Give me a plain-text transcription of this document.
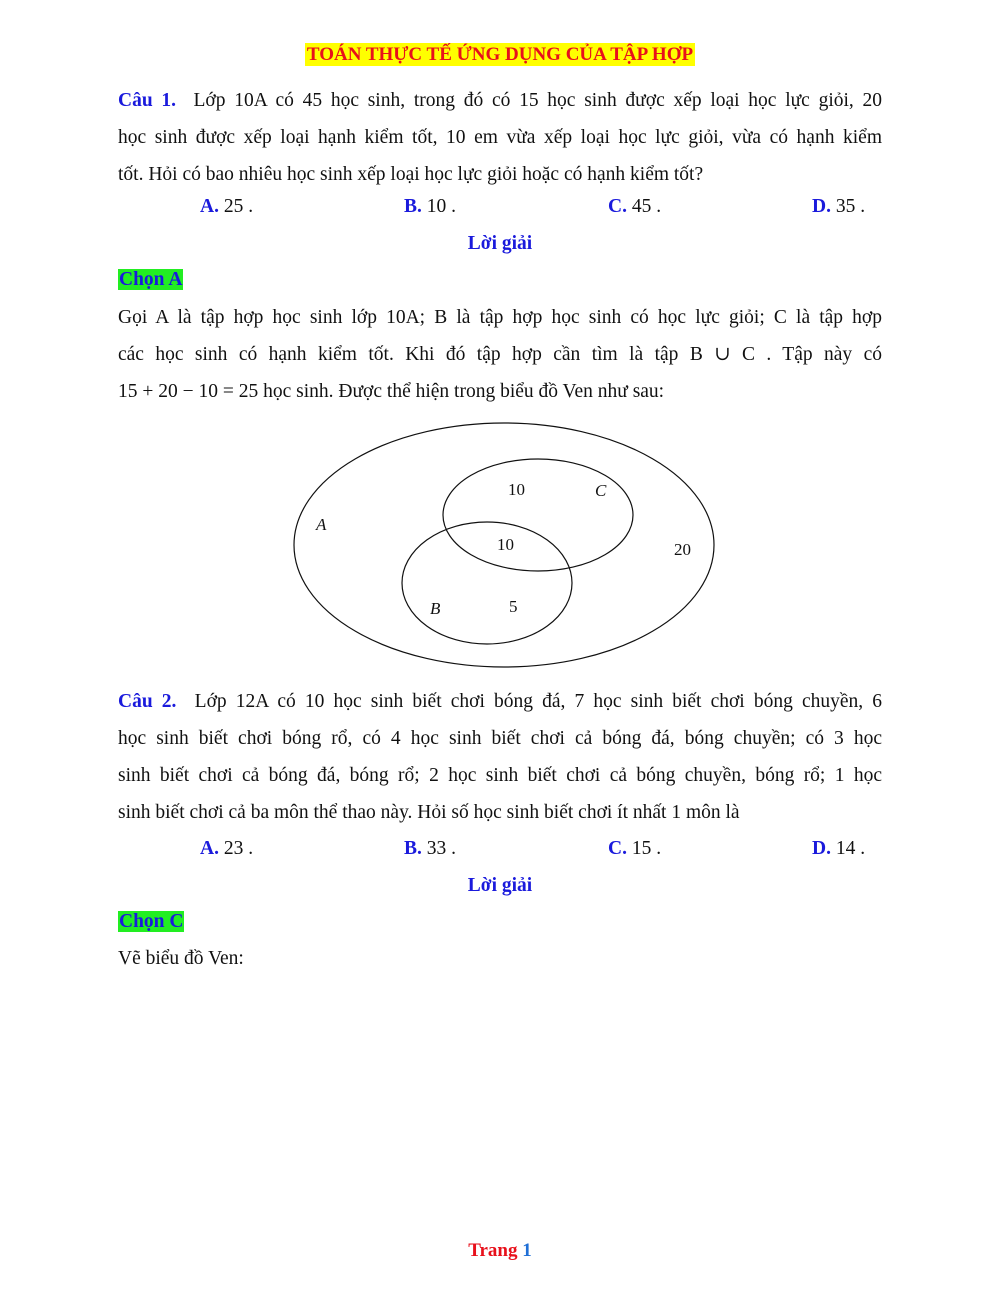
TOÁN THỰC TẾ ỨNG DỤNG CỦA TẬP HỢP
Câu 1. Lớp 10A có 45 học sinh, trong đó có 15 học sinh được xếp loại học lực giỏi, 20
học sinh được xếp loại hạnh kiểm tốt, 10 em vừa xếp loại học lực giỏi, vừa có hạnh kiểm
tốt. Hỏi có bao nhiêu học sinh xếp loại học lực giỏi hoặc có hạnh kiểm tốt?
A. 25 .	B. 10 .	C. 45 .	D. 35 .
Lời giải
Chọn A
Gọi A là tập hợp học sinh lớp 10A; B là tập hợp học sinh có học lực giỏi; C là tập hợp
các học sinh có hạnh kiểm tốt. Khi đó tập hợp cần tìm là tập B ∪ C . Tập này có
15 + 20 − 10 = 25 học sinh. Được thể hiện trong biểu đồ Ven như sau:
A
C
B
10
10
5
20
Câu 2. Lớp 12A có 10 học sinh biết chơi bóng đá, 7 học sinh biết chơi bóng chuyền, 6
học sinh biết chơi bóng rổ, có 4 học sinh biết chơi cả bóng đá, bóng chuyền; có 3 học
sinh biết chơi cả bóng đá, bóng rổ; 2 học sinh biết chơi cả bóng chuyền, bóng rổ; 1 học
sinh biết chơi cả ba môn thể thao này. Hỏi số học sinh biết chơi ít nhất 1 môn là
A. 23 .	B. 33 .	C. 15 .	D. 14 .
Lời giải
Chọn C
Vẽ biểu đồ Ven:
Trang 1
